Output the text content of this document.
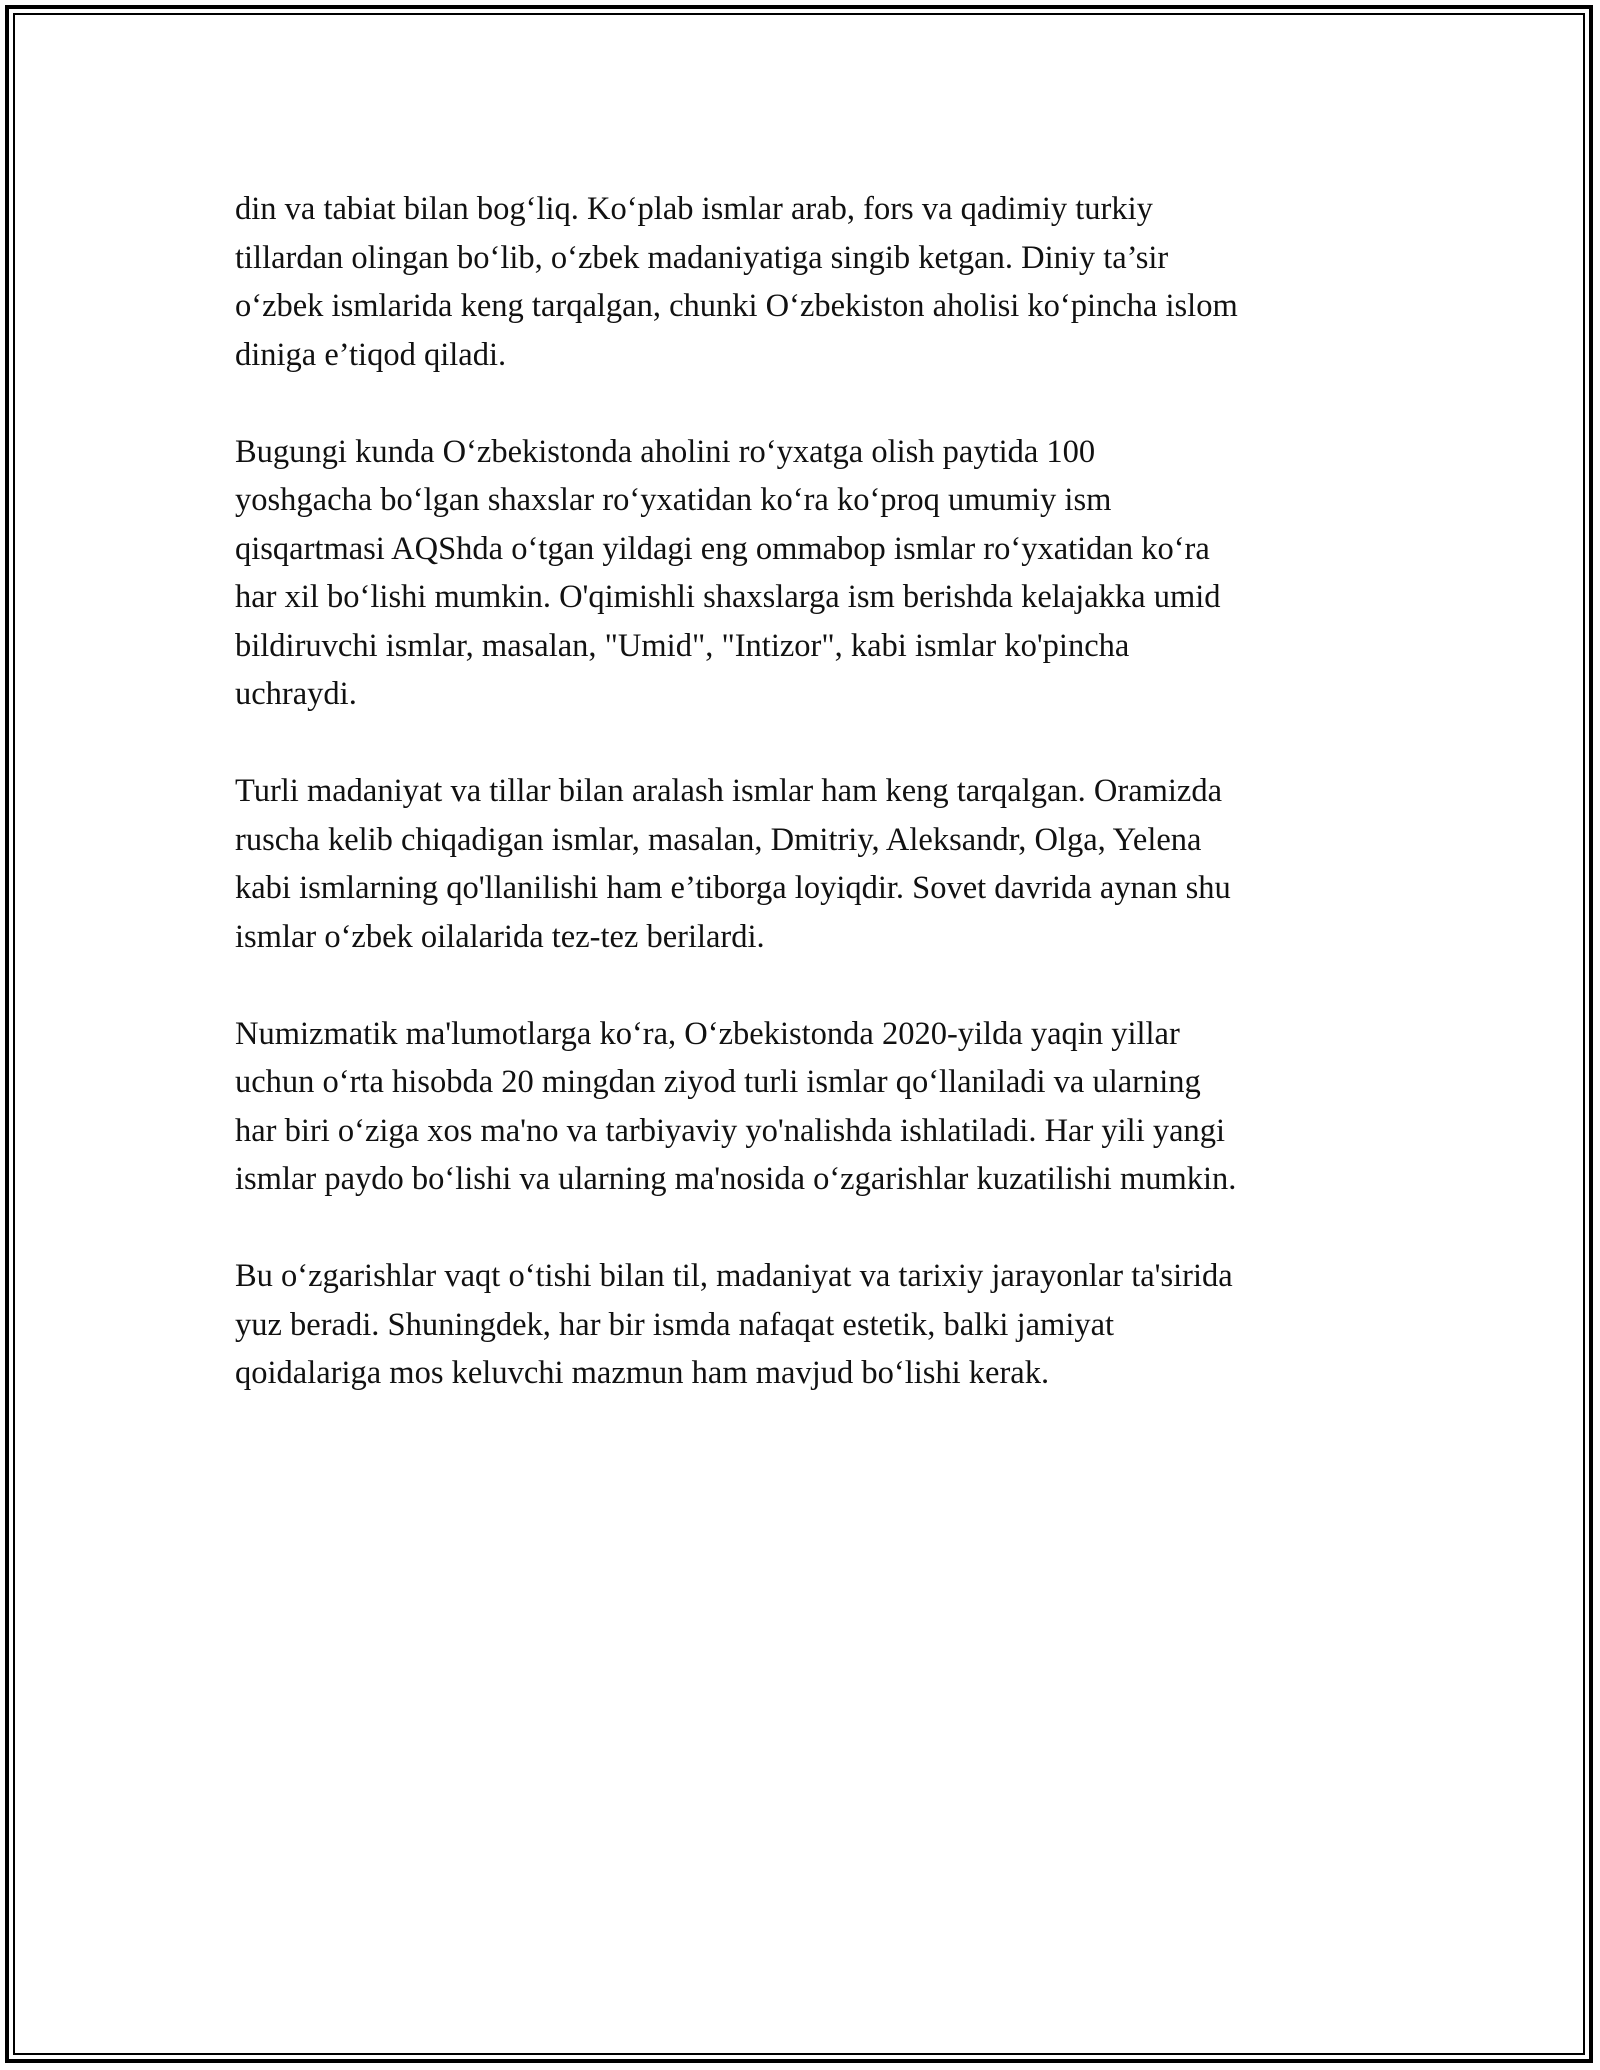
din va tabiat bilan bog‘liq. Ko‘plab ismlar arab, fors va qadimiy turkiy
tillardan olingan bo‘lib, o‘zbek madaniyatiga singib ketgan. Diniy ta’sir
o‘zbek ismlarida keng tarqalgan, chunki O‘zbekiston aholisi ko‘pincha islom
diniga e’tiqod qiladi.

Bugungi kunda O‘zbekistonda aholini ro‘yxatga olish paytida 100
yoshgacha bo‘lgan shaxslar ro‘yxatidan ko‘ra ko‘proq umumiy ism
qisqartmasi AQShda o‘tgan yildagi eng ommabop ismlar ro‘yxatidan ko‘ra
har xil bo‘lishi mumkin. O'qimishli shaxslarga ism berishda kelajakka umid
bildiruvchi ismlar, masalan, "Umid", "Intizor", kabi ismlar ko'pincha
uchraydi.

Turli madaniyat va tillar bilan aralash ismlar ham keng tarqalgan. Oramizda
ruscha kelib chiqadigan ismlar, masalan, Dmitriy, Aleksandr, Olga, Yelena
kabi ismlarning qo'llanilishi ham e’tiborga loyiqdir. Sovet davrida aynan shu
ismlar o‘zbek oilalarida tez-tez berilardi.

Numizmatik ma'lumotlarga ko‘ra, O‘zbekistonda 2020-yilda yaqin yillar
uchun o‘rta hisobda 20 mingdan ziyod turli ismlar qo‘llaniladi va ularning
har biri o‘ziga xos ma'no va tarbiyaviy yo'nalishda ishlatiladi. Har yili yangi
ismlar paydo bo‘lishi va ularning ma'nosida o‘zgarishlar kuzatilishi mumkin.

Bu o‘zgarishlar vaqt o‘tishi bilan til, madaniyat va tarixiy jarayonlar ta'sirida
yuz beradi. Shuningdek, har bir ismda nafaqat estetik, balki jamiyat
qoidalariga mos keluvchi mazmun ham mavjud bo‘lishi kerak.
